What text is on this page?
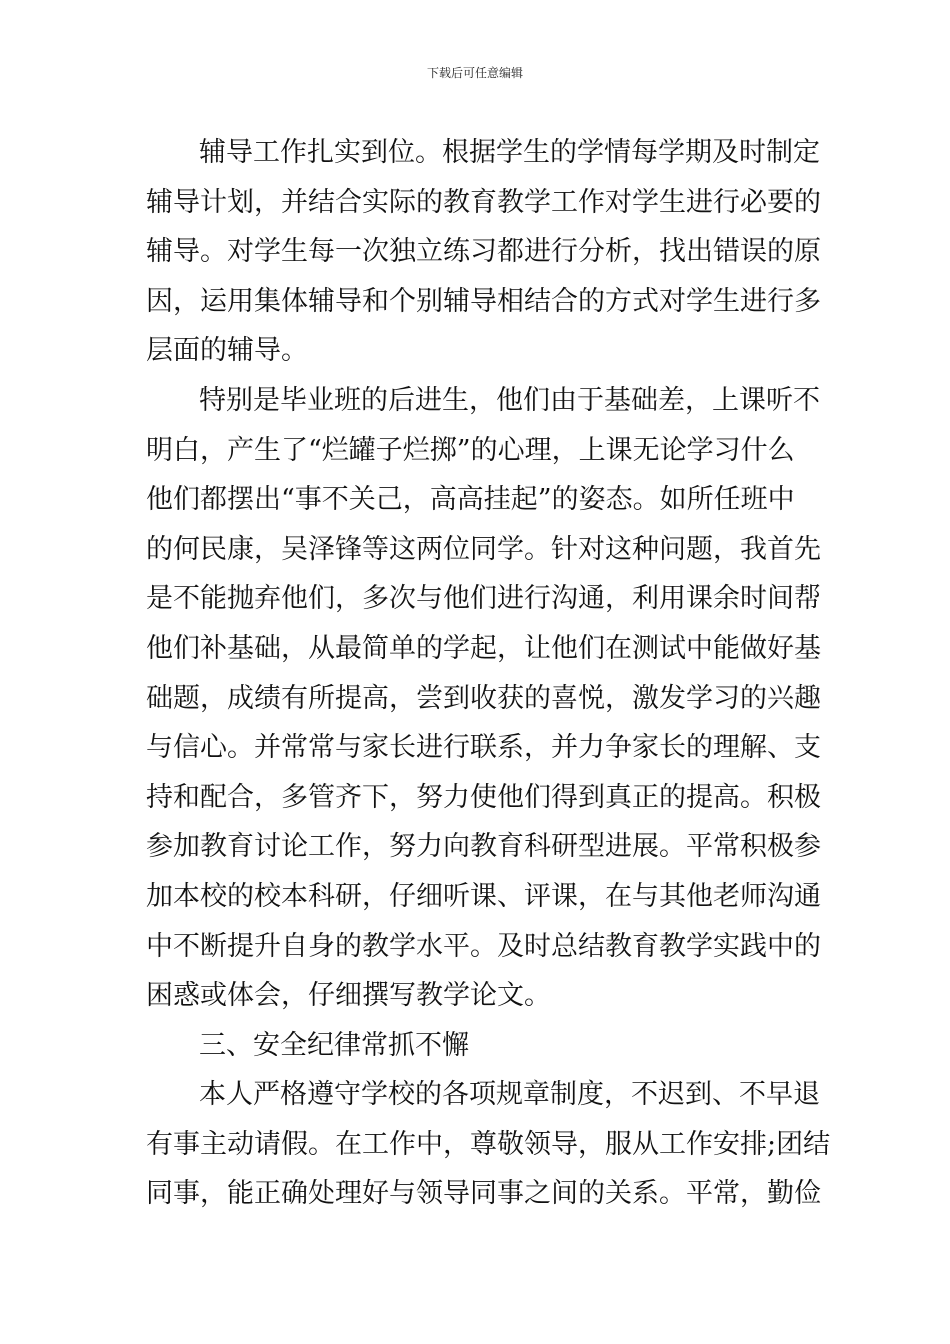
下载后可任意编辑
辅导工作扎实到位。根据学生的学情每学期及时制定
辅导计划，并结合实际的教育教学工作对学生进行必要的
辅导。对学生每一次独立练习都进行分析，找出错误的原
因，运用集体辅导和个别辅导相结合的方式对学生进行多
层面的辅导。
特别是毕业班的后进生，他们由于基础差，上课听不
明白，产生了“烂罐子烂掷”的心理，上课无论学习什么
他们都摆出“事不关己，高高挂起”的姿态。如所任班中
的何民康，吴泽锋等这两位同学。针对这种问题，我首先
是不能抛弃他们，多次与他们进行沟通，利用课余时间帮
他们补基础，从最简单的学起，让他们在测试中能做好基
础题，成绩有所提高，尝到收获的喜悦，激发学习的兴趣
与信心。并常常与家长进行联系，并力争家长的理解、支
持和配合，多管齐下，努力使他们得到真正的提高。积极
参加教育讨论工作，努力向教育科研型进展。平常积极参
加本校的校本科研，仔细听课、评课，在与其他老师沟通
中不断提升自身的教学水平。及时总结教育教学实践中的
困惑或体会，仔细撰写教学论文。
三、安全纪律常抓不懈
本人严格遵守学校的各项规章制度，不迟到、不早退
有事主动请假。在工作中，尊敬领导，服从工作安排;团结
同事，能正确处理好与领导同事之间的关系。平常，勤俭
